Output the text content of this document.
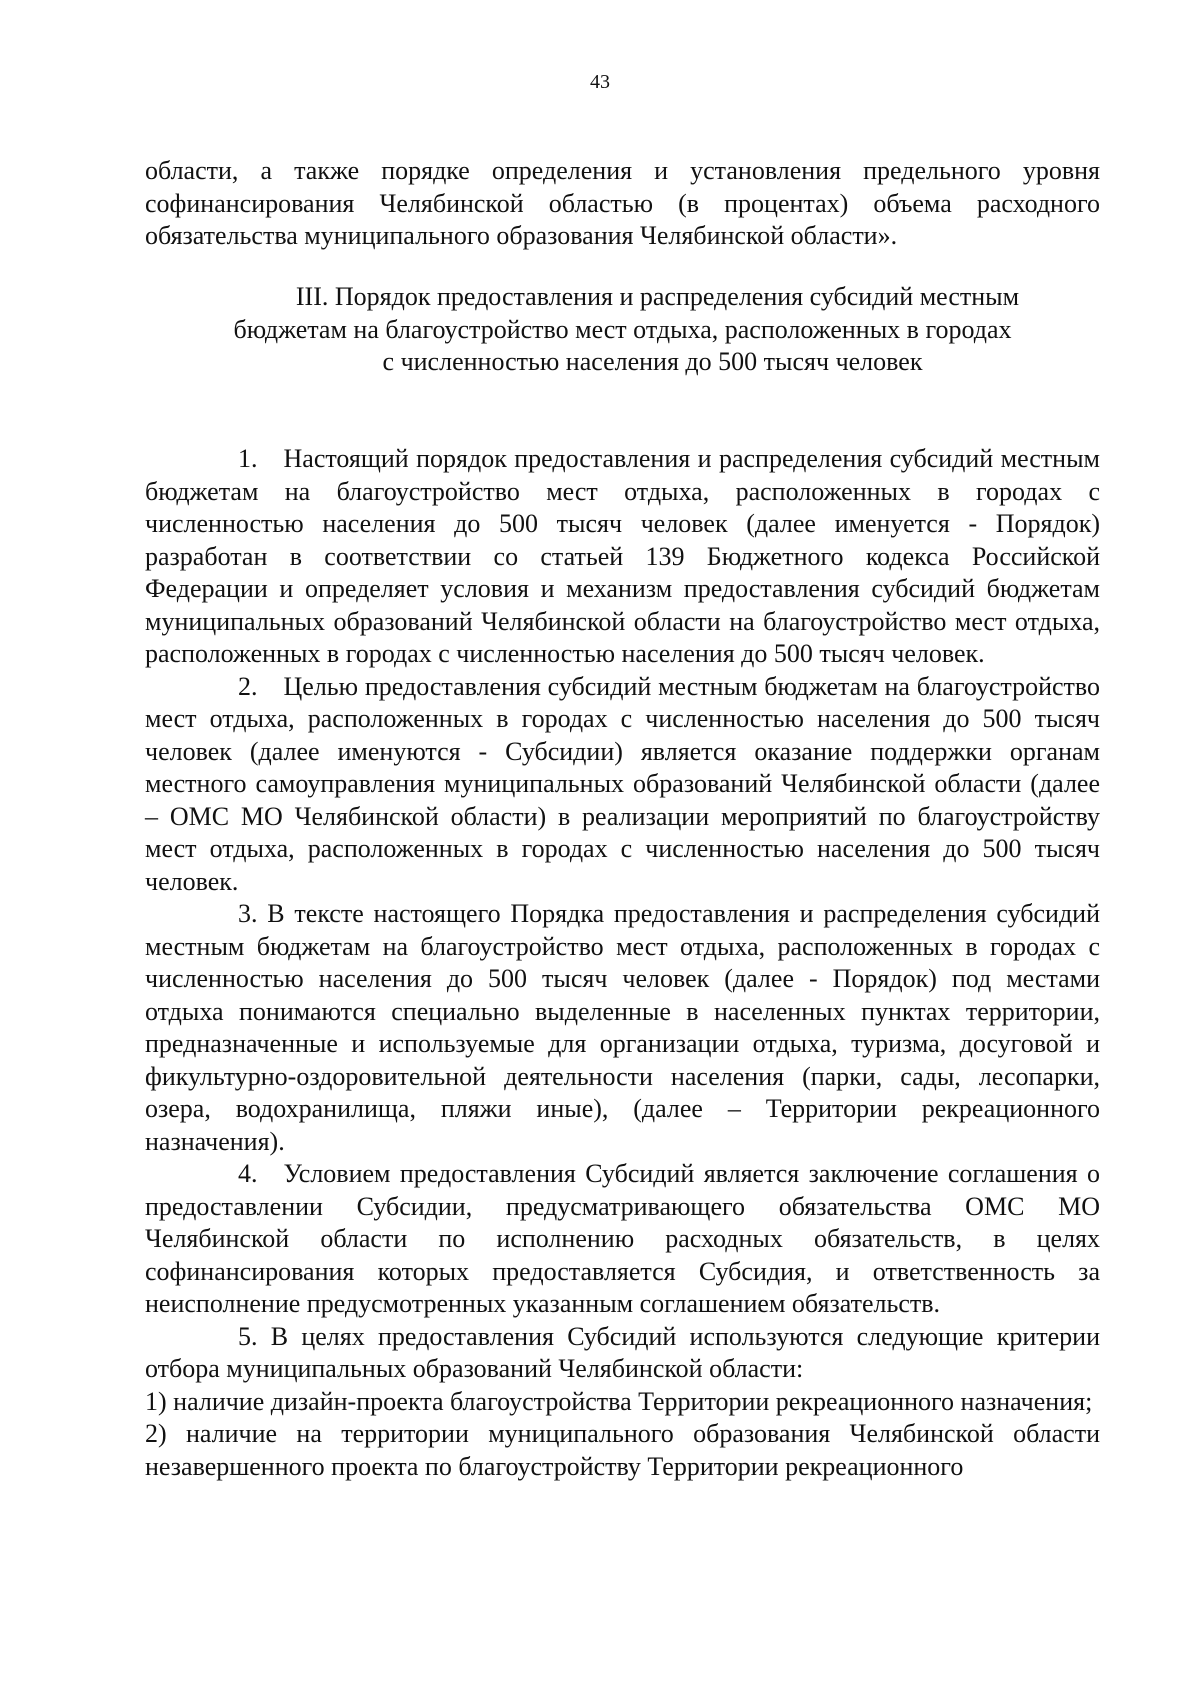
43
области, а также порядке определения и установления предельного уровня софинансирования Челябинской областью (в процентах) объема расходного обязательства муниципального образования Челябинской области».
III. Порядок предоставления и распределения субсидий местным
бюджетам на благоустройство мест отдыха, расположенных в городах
с численностью населения до 500 тысяч человек

1. Настоящий порядок предоставления и распределения субсидий местным бюджетам на благоустройство мест отдыха, расположенных в городах с численностью населения до 500 тысяч человек (далее именуется - Порядок) разработан в соответствии со статьей 139 Бюджетного кодекса Российской Федерации и определяет условия и механизм предоставления субсидий бюджетам муниципальных образований Челябинской области на благоустройство мест отдыха, расположенных в городах с численностью населения до 500 тысяч человек.

2. Целью предоставления субсидий местным бюджетам на благоустройство мест отдыха, расположенных в городах с численностью населения до 500 тысяч человек (далее именуются - Субсидии) является оказание поддержки органам местного самоуправления муниципальных образований Челябинской области (далее – ОМС МО Челябинской области) в реализации мероприятий по благоустройству мест отдыха, расположенных в городах с численностью населения до 500 тысяч человек.

3. В тексте настоящего Порядка предоставления и распределения субсидий местным бюджетам на благоустройство мест отдыха, расположенных в городах с численностью населения до 500 тысяч человек (далее - Порядок) под местами отдыха понимаются специально выделенные в населенных пунктах территории, предназначенные и используемые для организации отдыха, туризма, досуговой и фикультурно-оздоровительной деятельности населения (парки, сады, лесопарки, озера, водохранилища, пляжи иные), (далее – Территории рекреационного назначения).

4. Условием предоставления Субсидий является заключение соглашения о предоставлении Субсидии, предусматривающего обязательства ОМС МО Челябинской области по исполнению расходных обязательств, в целях софинансирования которых предоставляется Субсидия, и ответственность за неисполнение предусмотренных указанным соглашением обязательств.

5. В целях предоставления Субсидий используются следующие критерии отбора муниципальных образований Челябинской области:

1) наличие дизайн-проекта благоустройства Территории рекреационного назначения;

2) наличие на территории муниципального образования Челябинской области незавершенного проекта по благоустройству Территории рекреационного
